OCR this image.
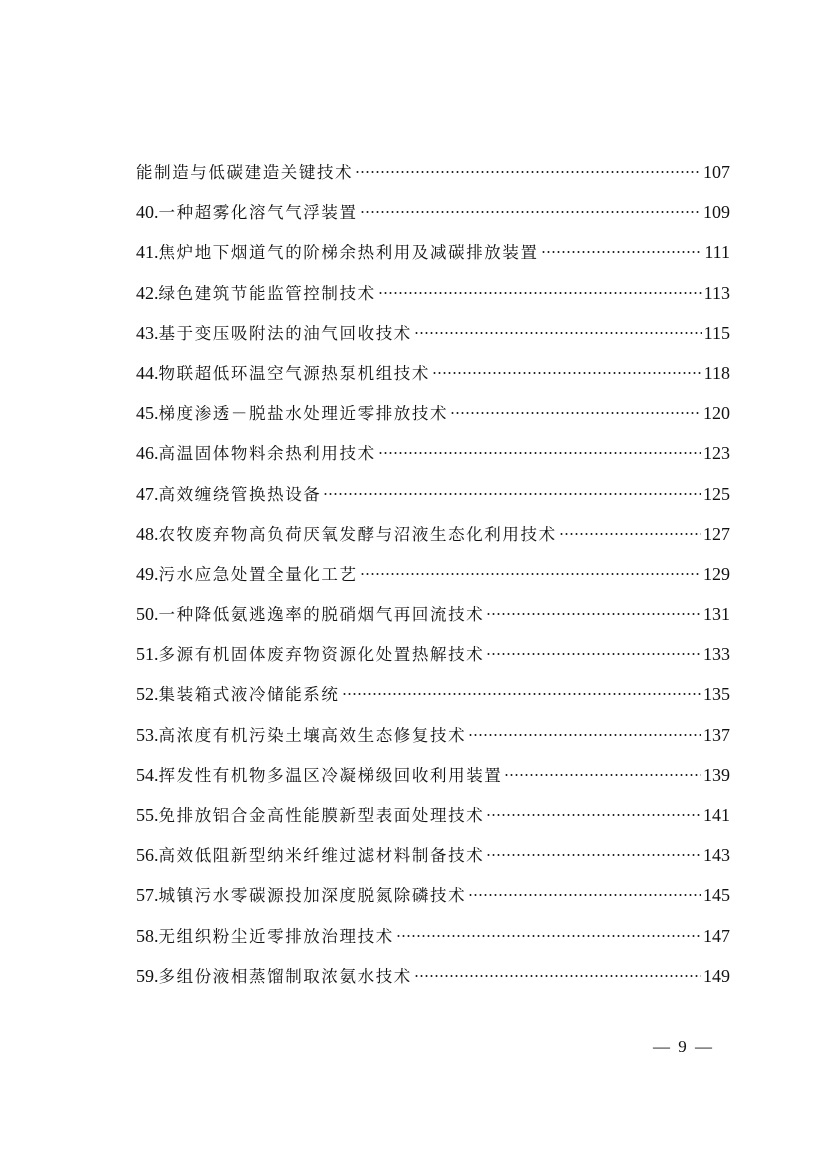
能制造与低碳建造关键技术	107
40.一种超雾化溶气气浮装置	109
41.焦炉地下烟道气的阶梯余热利用及减碳排放装置	111
42.绿色建筑节能监管控制技术	113
43.基于变压吸附法的油气回收技术	115
44.物联超低环温空气源热泵机组技术	118
45.梯度渗透－脱盐水处理近零排放技术	120
46.高温固体物料余热利用技术	123
47.高效缠绕管换热设备	125
48.农牧废弃物高负荷厌氧发酵与沼液生态化利用技术	127
49.污水应急处置全量化工艺	129
50.一种降低氨逃逸率的脱硝烟气再回流技术	131
51.多源有机固体废弃物资源化处置热解技术	133
52.集装箱式液冷储能系统	135
53.高浓度有机污染土壤高效生态修复技术	137
54.挥发性有机物多温区冷凝梯级回收利用装置	139
55.免排放铝合金高性能膜新型表面处理技术	141
56.高效低阻新型纳米纤维过滤材料制备技术	143
57.城镇污水零碳源投加深度脱氮除磷技术	145
58.无组织粉尘近零排放治理技术	147
59.多组份液相蒸馏制取浓氨水技术	149
— 9 —
